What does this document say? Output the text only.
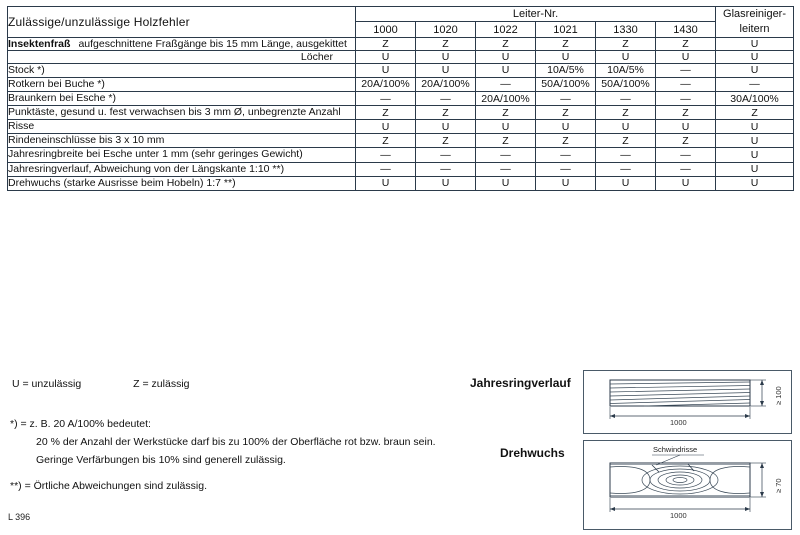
Zulässige/unzulässige Holzfehler	Leiter-Nr.						Glasreiniger-
leitern

	1000	1020	1022	1021	1330	1430	
Insektenfraß aufgeschnittene Fraßgänge bis 15 mm Länge, ausgekittet	Z	Z	Z	Z	Z	Z	U
Löcher	U	U	U	U	U	U	U
Stock *)	U	U	U	10A/5%	10A/5%	—	U
Rotkern bei Buche *)	20A/100%	20A/100%	—	50A/100%	50A/100%	—	—
Braunkern bei Esche *)	—	—	20A/100%	—	—	—	30A/100%
Punktäste, gesund u. fest verwachsen bis 3 mm Ø, unbegrenzte Anzahl	Z	Z	Z	Z	Z	Z	Z
Risse	U	U	U	U	U	U	U
Rindeneinschlüsse bis 3 x 10 mm	Z	Z	Z	Z	Z	Z	U
Jahresringbreite bei Esche unter 1 mm (sehr geringes Gewicht)	—	—	—	—	—	—	U
Jahresringverlauf, Abweichung von der Längskante 1:10 **)	—	—	—	—	—	—	U
Drehwuchs (starke Ausrisse beim Hobeln) 1:7 **)	U	U	U	U	U	U	U
U = unzulässig	Z = zulässig

*) = z. B. 20 A/100% bedeutet:

20 % der Anzahl der Werkstücke darf bis zu 100% der Oberfläche rot bzw. braun sein.

Geringe Verfärbungen bis 10% sind generell zulässig.

**) = Örtliche Abweichungen sind zulässig.

L 396
Jahresringverlauf
1000
≥ 100
Drehwuchs	Schwindrisse
1000
≥ 70
